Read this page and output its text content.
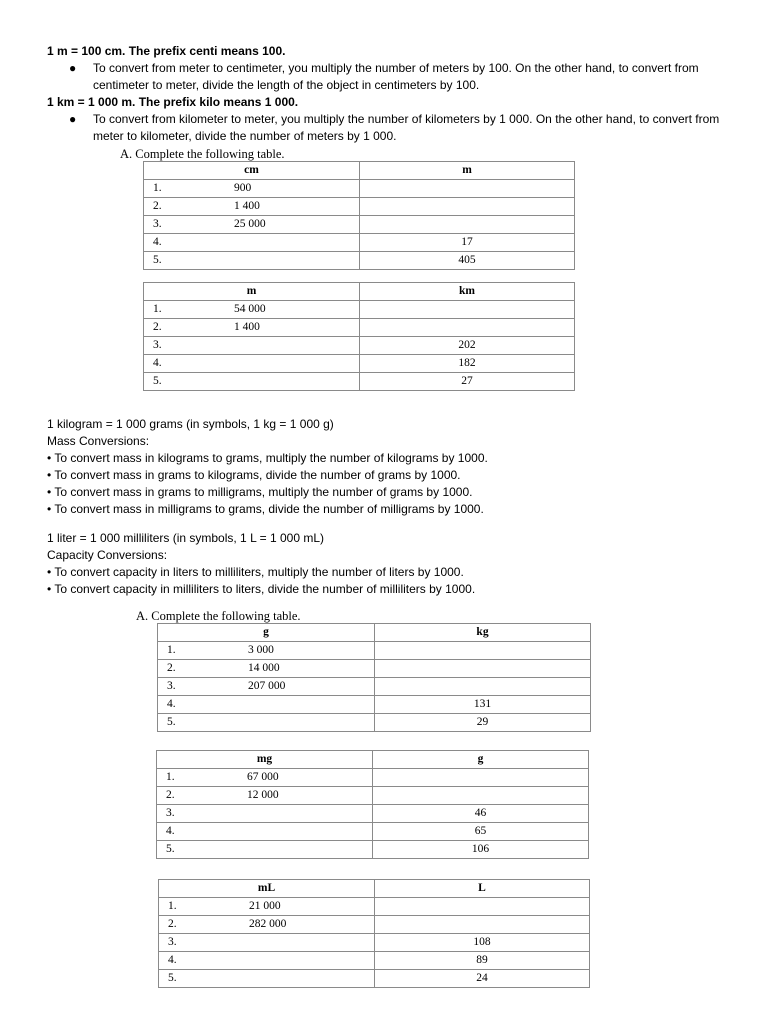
1 m = 100 cm. The prefix centi means 100.
● To convert from meter to centimeter, you multiply the number of meters by 100. On the other hand, to convert from centimeter to meter, divide the length of the object in centimeters by 100.
1 km = 1 000 m. The prefix kilo means 1 000.
● To convert from kilometer to meter, you multiply the number of kilometers by 1 000. On the other hand, to convert from meter to kilometer, divide the number of meters by 1 000.
A. Complete the following table.
cm	m

1. 900	

2. 1 400	

3. 25 000	

4.	17

5.	405
m	km

1. 54 000	

2. 1 400	

3.	202

4.	182

5.	27
1 kilogram = 1 000 grams (in symbols, 1 kg = 1 000 g)
Mass Conversions:
• To convert mass in kilograms to grams, multiply the number of kilograms by 1000.
• To convert mass in grams to kilograms, divide the number of grams by 1000.
• To convert mass in grams to milligrams, multiply the number of grams by 1000.
• To convert mass in milligrams to grams, divide the number of milligrams by 1000.
1 liter = 1 000 milliliters (in symbols, 1 L = 1 000 mL)
Capacity Conversions:
• To convert capacity in liters to milliliters, multiply the number of liters by 1000.
• To convert capacity in milliliters to liters, divide the number of milliliters by 1000.
A. Complete the following table.
g	kg

1. 3 000	

2. 14 000	

3. 207 000	

4.	131

5.	29
mg	g

1. 67 000	

2. 12 000	

3.	46

4.	65

5.	106
mL	L

1. 21 000	

2. 282 000	

3.	108

4.	89

5.	24
